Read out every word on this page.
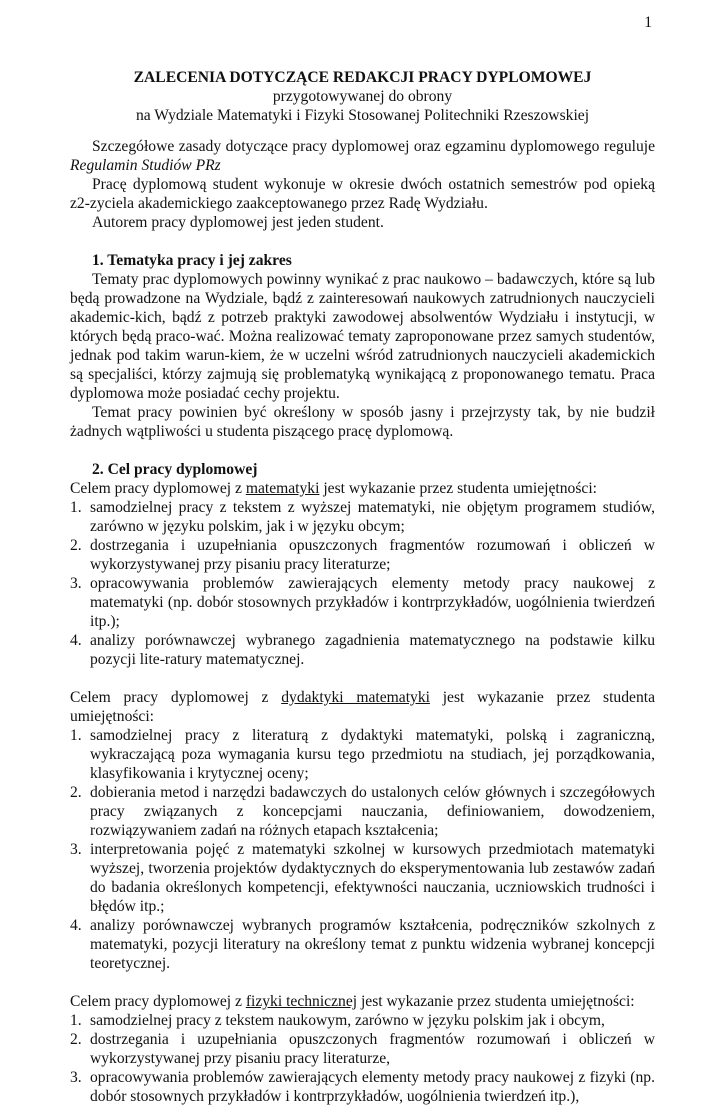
1
ZALECENIA DOTYCZĄCE REDAKCJI PRACY DYPLOMOWEJ
przygotowywanej do obrony
na Wydziale Matematyki i Fizyki Stosowanej Politechniki Rzeszowskiej

Szczegółowe zasady dotyczące pracy dyplomowej oraz egzaminu dyplomowego reguluje Regulamin Studiów PRz

Pracę dyplomową student wykonuje w okresie dwóch ostatnich semestrów pod opieką z2-zyciela akademickiego zaakceptowanego przez Radę Wydziału.

Autorem pracy dyplomowej jest jeden student.

1. Tematyka pracy i jej zakres

Tematy prac dyplomowych powinny wynikać z prac naukowo – badawczych, które są lub będą prowadzone na Wydziale, bądź z zainteresowań naukowych zatrudnionych nauczycieli akademic-kich, bądź z potrzeb praktyki zawodowej absolwentów Wydziału i instytucji, w których będą praco-wać. Można realizować tematy zaproponowane przez samych studentów, jednak pod takim warun-kiem, że w uczelni wśród zatrudnionych nauczycieli akademickich są specjaliści, którzy zajmują się problematyką wynikającą z proponowanego tematu. Praca dyplomowa może posiadać cechy projektu.

Temat pracy powinien być określony w sposób jasny i przejrzysty tak, by nie budził żadnych wątpliwości u studenta piszącego pracę dyplomową.

2. Cel pracy dyplomowej

Celem pracy dyplomowej z matematyki jest wykazanie przez studenta umiejętności:

1. samodzielnej pracy z tekstem z wyższej matematyki, nie objętym programem studiów, zarówno w języku polskim, jak i w języku obcym;
2. dostrzegania i uzupełniania opuszczonych fragmentów rozumowań i obliczeń w wykorzystywanej przy pisaniu pracy literaturze;
3. opracowywania problemów zawierających elementy metody pracy naukowej z matematyki (np. dobór stosownych przykładów i kontrprzykładów, uogólnienia twierdzeń itp.);
4. analizy porównawczej wybranego zagadnienia matematycznego na podstawie kilku pozycji lite-ratury matematycznej.

Celem pracy dyplomowej z dydaktyki matematyki jest wykazanie przez studenta umiejętności:

1. samodzielnej pracy z literaturą z dydaktyki matematyki, polską i zagraniczną, wykraczającą poza wymagania kursu tego przedmiotu na studiach, jej porządkowania, klasyfikowania i krytycznej oceny;
2. dobierania metod i narzędzi badawczych do ustalonych celów głównych i szczegółowych pracy związanych z koncepcjami nauczania, definiowaniem, dowodzeniem, rozwiązywaniem zadań na różnych etapach kształcenia;
3. interpretowania pojęć z matematyki szkolnej w kursowych przedmiotach matematyki wyższej, tworzenia projektów dydaktycznych do eksperymentowania lub zestawów zadań do badania określonych kompetencji, efektywności nauczania, uczniowskich trudności i błędów itp.;
4. analizy porównawczej wybranych programów kształcenia, podręczników szkolnych z matematyki, pozycji literatury na określony temat z punktu widzenia wybranej koncepcji teoretycznej.

Celem pracy dyplomowej z fizyki technicznej jest wykazanie przez studenta umiejętności:

1. samodzielnej pracy z tekstem naukowym, zarówno w języku polskim jak i obcym,
2. dostrzegania i uzupełniania opuszczonych fragmentów rozumowań i obliczeń w wykorzystywanej przy pisaniu pracy literaturze,
3. opracowywania problemów zawierających elementy metody pracy naukowej z fizyki (np. dobór stosownych przykładów i kontrprzykładów, uogólnienia twierdzeń itp.),
